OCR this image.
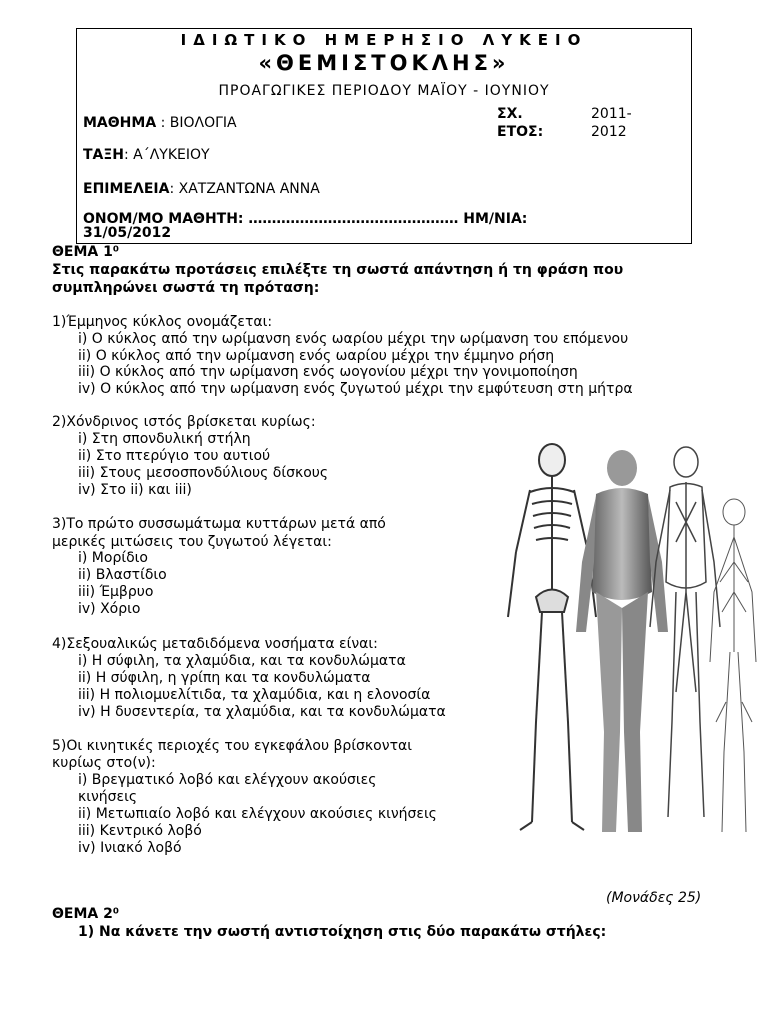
ΙΔΙΩΤΙΚΟ ΗΜΕΡΗΣΙΟ ΛΥΚΕΙΟ
«ΘΕΜΙΣΤΟΚΛΗΣ»
ΠΡΟΑΓΩΓΙΚΕΣ ΠΕΡΙΟΔΟΥ ΜΑΪΟΥ - ΙΟΥΝΙΟΥ
ΜΑΘΗΜΑ : ΒΙΟΛΟΓΙΑ
ΣΧ.
ΕΤΟΣ:
2011-
2012
ΤΑΞΗ: Α΄ΛΥΚΕΙΟΥ
ΕΠΙΜΕΛΕΙΑ: ΧΑΤΖΑΝΤΩΝΑ ΑΝΝΑ
ΟΝΟΜ/ΜΟ ΜΑΘΗΤΗ: ……………………………………… ΗΜ/ΝΙΑ:
31/05/2012
ΘΕΜΑ 1⁰
Στις παρακάτω προτάσεις επιλέξτε τη σωστά απάντηση ή τη φράση που
συμπληρώνει σωστά τη πρόταση:
1)Έμμηνος κύκλος ονομάζεται:
i) Ο κύκλος από την ωρίμανση ενός ωαρίου μέχρι την ωρίμανση του επόμενου
ii) Ο κύκλος από την ωρίμανση ενός ωαρίου μέχρι την έμμηνο ρήση
iii) Ο κύκλος από την ωρίμανση ενός ωογονίου μέχρι την γονιμοποίηση
iv) Ο κύκλος από την ωρίμανση ενός ζυγωτού μέχρι την εμφύτευση στη μήτρα
2)Χόνδρινος ιστός βρίσκεται κυρίως:
i) Στη σπονδυλική στήλη
ii) Στο πτερύγιο του αυτιού
iii) Στους μεσοσπονδύλιους δίσκους
iv) Στο ii) και iii)
3)Το πρώτο συσσωμάτωμα κυττάρων μετά από
μερικές μιτώσεις του ζυγωτού λέγεται:
i) Μορίδιο
ii) Βλαστίδιο
iii) Έμβρυο
iv) Χόριο
4)Σεξουαλικώς μεταδιδόμενα νοσήματα είναι:
i) Η σύφιλη, τα χλαμύδια, και τα κονδυλώματα
ii) Η σύφιλη, η γρίπη και τα κονδυλώματα
iii) Η πολιομυελίτιδα, τα χλαμύδια, και η ελονοσία
iv) Η δυσεντερία, τα χλαμύδια, και τα κονδυλώματα
5)Οι κινητικές περιοχές του εγκεφάλου βρίσκονται
κυρίως στο(ν):
i) Βρεγματικό λοβό και ελέγχουν ακούσιες
κινήσεις
ii) Μετωπιαίο λοβό και ελέγχουν ακούσιες κινήσεις
iii) Κεντρικό λοβό
iv) Ινιακό λοβό
(Μονάδες 25)
ΘΕΜΑ 2⁰
1) Να κάνετε την σωστή αντιστοίχηση στις δύο παρακάτω στήλες:
